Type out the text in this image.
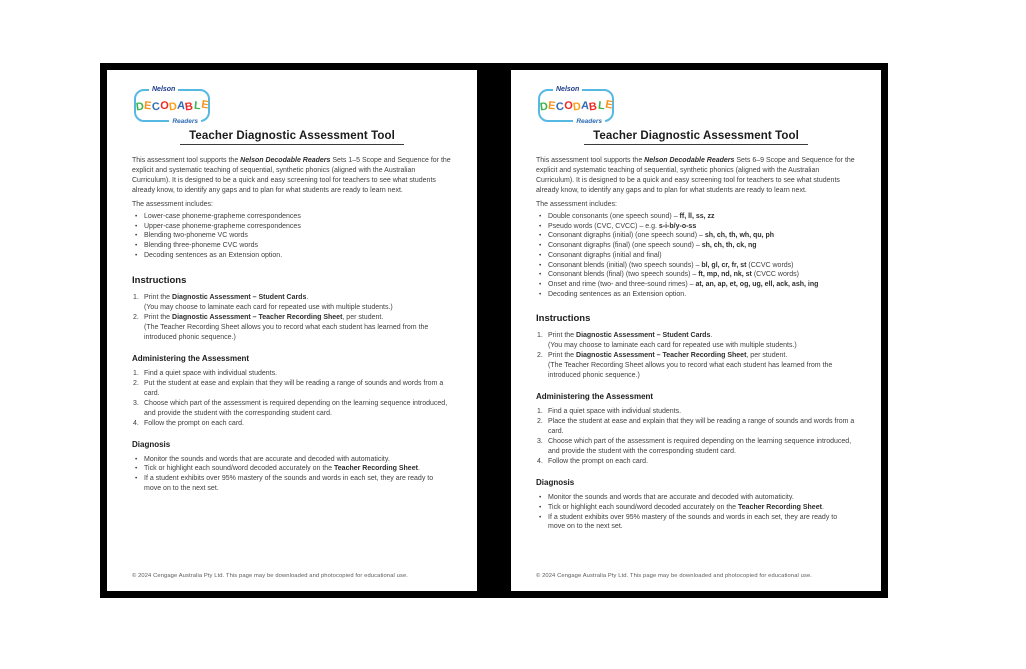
Nelson
D
E
C
O
D
A
B
L
E
Readers
Teacher Diagnostic Assessment Tool

This assessment tool supports the Nelson Decodable Readers Sets 1–5 Scope and Sequence for the explicit and systematic teaching of sequential, synthetic phonics (aligned with the Australian Curriculum). It is designed to be a quick and easy screening tool for teachers to see what students already know, to identify any gaps and to plan for what students are ready to learn next.

The assessment includes:

• Lower-case phoneme-grapheme correspondences
• Upper-case phoneme-grapheme correspondences
• Blending two-phoneme VC words
• Blending three-phoneme CVC words
• Decoding sentences as an Extension option.
Instructions
1. Print the Diagnostic Assessment – Student Cards.
(You may choose to laminate each card for repeated use with multiple students.)
2. Print the Diagnostic Assessment – Teacher Recording Sheet, per student.
(The Teacher Recording Sheet allows you to record what each student has learned from the introduced phonic sequence.)
Administering the Assessment
1. Find a quiet space with individual students.
2. Put the student at ease and explain that they will be reading a range of sounds and words from a card.
3. Choose which part of the assessment is required depending on the learning sequence introduced, and provide the student with the corresponding student card.
4. Follow the prompt on each card.
Diagnosis
• Monitor the sounds and words that are accurate and decoded with automaticity.
• Tick or highlight each sound/word decoded accurately on the Teacher Recording Sheet.
• If a student exhibits over 95% mastery of the sounds and words in each set, they are ready to move on to the next set.
© 2024 Cengage Australia Pty Ltd. This page may be downloaded and photocopied for educational use.
Nelson
D
E
C
O
D
A
B
L
E
Readers
Teacher Diagnostic Assessment Tool

This assessment tool supports the Nelson Decodable Readers Sets 6–9 Scope and Sequence for the explicit and systematic teaching of sequential, synthetic phonics (aligned with the Australian Curriculum). It is designed to be a quick and easy screening tool for teachers to see what students already know, to identify any gaps and to plan for what students are ready to learn next.

The assessment includes:

• Double consonants (one speech sound) – ff, ll, ss, zz
• Pseudo words (CVC, CVCC) – e.g. s-i-b/y-o-ss
• Consonant digraphs (initial) (one speech sound) – sh, ch, th, wh, qu, ph
• Consonant digraphs (final) (one speech sound) – sh, ch, th, ck, ng
• Consonant digraphs (initial and final)
• Consonant blends (initial) (two speech sounds) – bl, gl, cr, fr, st (CCVC words)
• Consonant blends (final) (two speech sounds) – ft, mp, nd, nk, st (CVCC words)
• Onset and rime (two- and three-sound rimes) – at, an, ap, et, og, ug, ell, ack, ash, ing
• Decoding sentences as an Extension option.
Instructions
1. Print the Diagnostic Assessment – Student Cards.
(You may choose to laminate each card for repeated use with multiple students.)
2. Print the Diagnostic Assessment – Teacher Recording Sheet, per student.
(The Teacher Recording Sheet allows you to record what each student has learned from the introduced phonic sequence.)
Administering the Assessment
1. Find a quiet space with individual students.
2. Place the student at ease and explain that they will be reading a range of sounds and words from a card.
3. Choose which part of the assessment is required depending on the learning sequence introduced, and provide the student with the corresponding student card.
4. Follow the prompt on each card.
Diagnosis
• Monitor the sounds and words that are accurate and decoded with automaticity.
• Tick or highlight each sound/word decoded accurately on the Teacher Recording Sheet.
• If a student exhibits over 95% mastery of the sounds and words in each set, they are ready to move on to the next set.
© 2024 Cengage Australia Pty Ltd. This page may be downloaded and photocopied for educational use.
